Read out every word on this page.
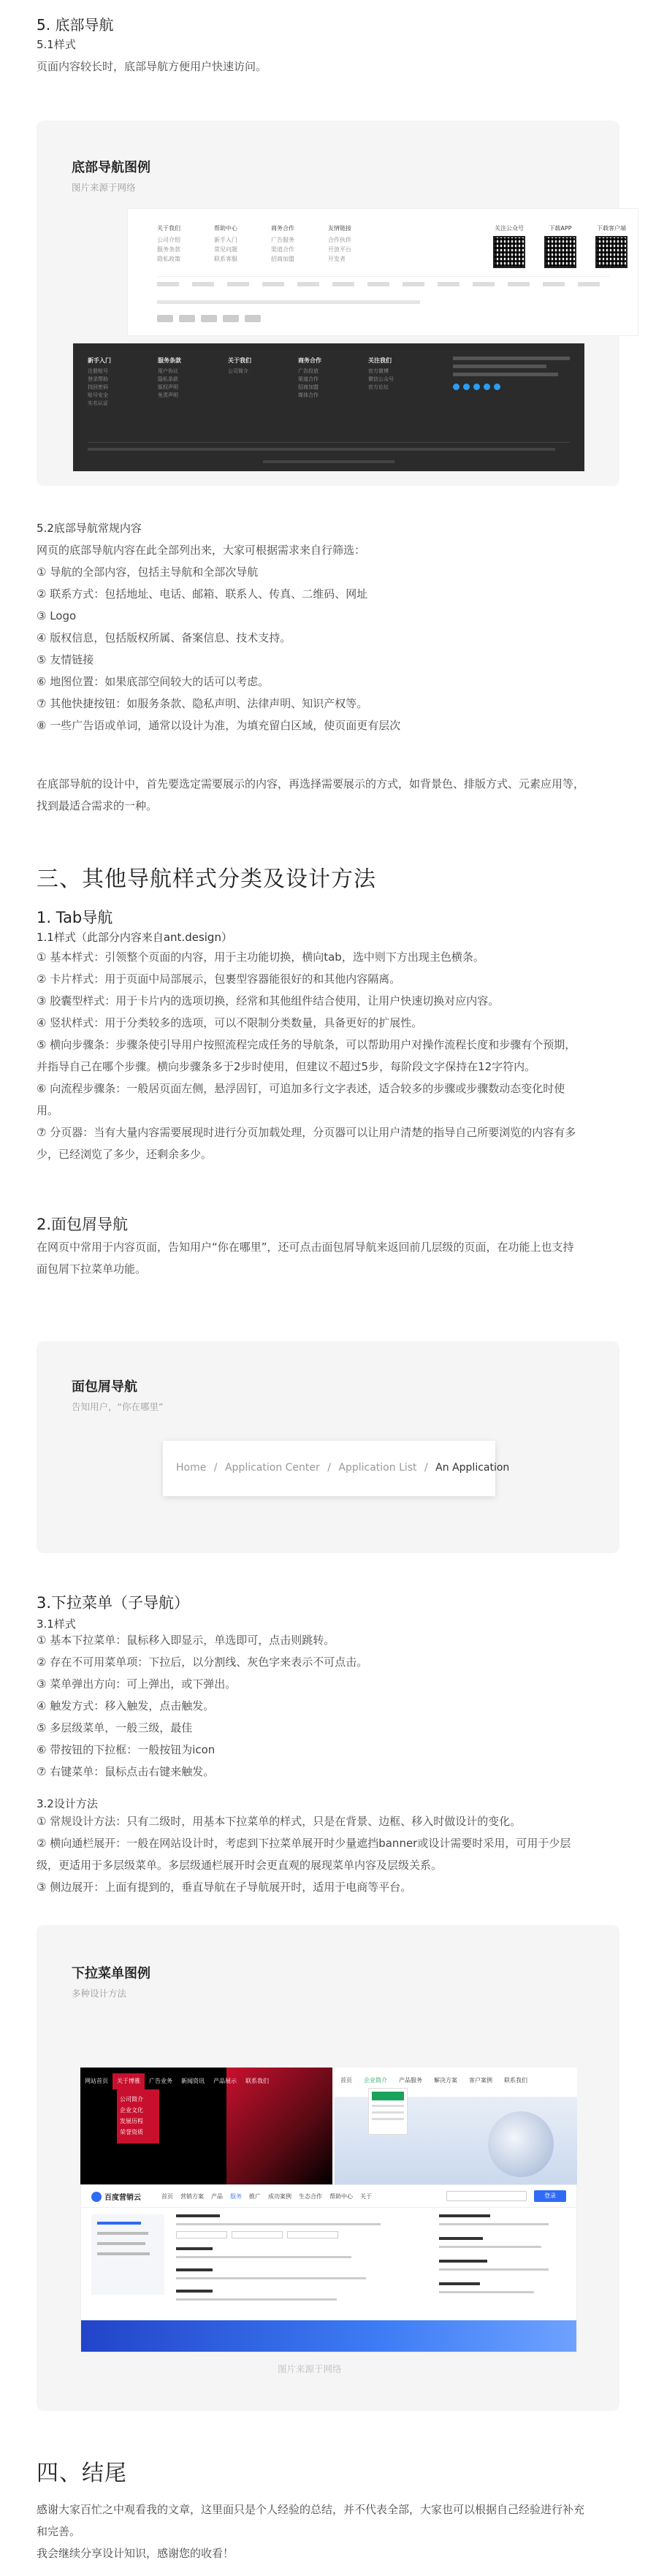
5. 底部导航
5.1样式
页面内容较长时，底部导航方便用户快速访问。
底部导航图例
图片来源于网络
关于我们
公司介绍
服务条款
隐私政策
帮助中心
新手入门
常见问题
联系客服
商务合作
广告服务
渠道合作
招商加盟
友情链接
合作伙伴
开放平台
开发者
关注公众号	下载APP	下载客户端
新手入门
注册账号
登录帮助
找回密码
账号安全
实名认证
服务条款
用户协议
隐私条款
版权声明
免责声明
关于我们
公司简介
商务合作
广告投放
渠道合作
招商加盟
媒体合作
关注我们
官方微博
微信公众号
官方论坛
5.2底部导航常规内容
网页的底部导航内容在此全部列出来，大家可根据需求来自行筛选：
① 导航的全部内容，包括主导航和全部次导航
② 联系方式：包括地址、电话、邮箱、联系人、传真、二维码、网址
③ Logo
④ 版权信息，包括版权所属、备案信息、技术支持。
⑤ 友情链接
⑥ 地图位置：如果底部空间较大的话可以考虑。
⑦ 其他快捷按钮：如服务条款、隐私声明、法律声明、知识产权等。
⑧ 一些广告语或单词，通常以设计为准，为填充留白区域，使页面更有层次
在底部导航的设计中，首先要选定需要展示的内容，再选择需要展示的方式，如背景色、排版方式、元素应用等，
找到最适合需求的一种。
三、其他导航样式分类及设计方法
1. Tab导航
1.1样式（此部分内容来自ant.design）
① 基本样式：引领整个页面的内容，用于主功能切换，横向tab，选中则下方出现主色横条。
② 卡片样式：用于页面中局部展示，包裹型容器能很好的和其他内容隔离。
③ 胶囊型样式：用于卡片内的选项切换，经常和其他组件结合使用，让用户快速切换对应内容。
④ 竖状样式：用于分类较多的选项，可以不限制分类数量，具备更好的扩展性。
⑤ 横向步骤条：步骤条使引导用户按照流程完成任务的导航条，可以帮助用户对操作流程长度和步骤有个预期，
并指导自己在哪个步骤。横向步骤条多于2步时使用，但建议不超过5步，每阶段文字保持在12字符内。
⑥ 向流程步骤条：一般居页面左侧，悬浮固钉，可追加多行文字表述，适合较多的步骤或步骤数动态变化时使
用。
⑦ 分页器：当有大量内容需要展现时进行分页加载处理，分页器可以让用户清楚的指导自己所要浏览的内容有多
少，已经浏览了多少，还剩余多少。
2.面包屑导航
在网页中常用于内容页面，告知用户“你在哪里”，还可点击面包屑导航来返回前几层级的页面，在功能上也支持
面包屑下拉菜单功能。
面包屑导航
告知用户，“你在哪里”
Home / Application Center / Application List / An Application
3.下拉菜单（子导航）
3.1样式
① 基本下拉菜单：鼠标移入即显示，单选即可，点击则跳转。
② 存在不可用菜单项：下拉后，以分割线、灰色字来表示不可点击。
③ 菜单弹出方向：可上弹出，或下弹出。
④ 触发方式：移入触发，点击触发。
⑤ 多层级菜单，一般三级，最佳
⑥ 带按钮的下拉框：一般按钮为icon
⑦ 右键菜单：鼠标点击右键来触发。
3.2设计方法
① 常规设计方法：只有二级时，用基本下拉菜单的样式，只是在背景、边框、移入时做设计的变化。
② 横向通栏展开：一般在网站设计时，考虑到下拉菜单展开时少量遮挡banner或设计需要时采用，可用于少层
级，更适用于多层级菜单。多层级通栏展开时会更直观的展现菜单内容及层级关系。
③ 侧边展开：上面有提到的，垂直导航在子导航展开时，适用于电商等平台。
下拉菜单图例
多种设计方法
网站首页	关于博雅	广告业务	新闻资讯	产品展示	联系我们
公司简介
企业文化
发展历程
荣誉资质
首页	企业简介	产品服务	解决方案	客户案例	联系我们
百度营销云	首页 营销方案 产品 服务 推广 成功案例 生态合作 帮助中心 关于	登录
图片来源于网络
四、结尾
感谢大家百忙之中观看我的文章，这里面只是个人经验的总结，并不代表全部，大家也可以根据自己经验进行补充
和完善。
我会继续分享设计知识，感谢您的收看！
